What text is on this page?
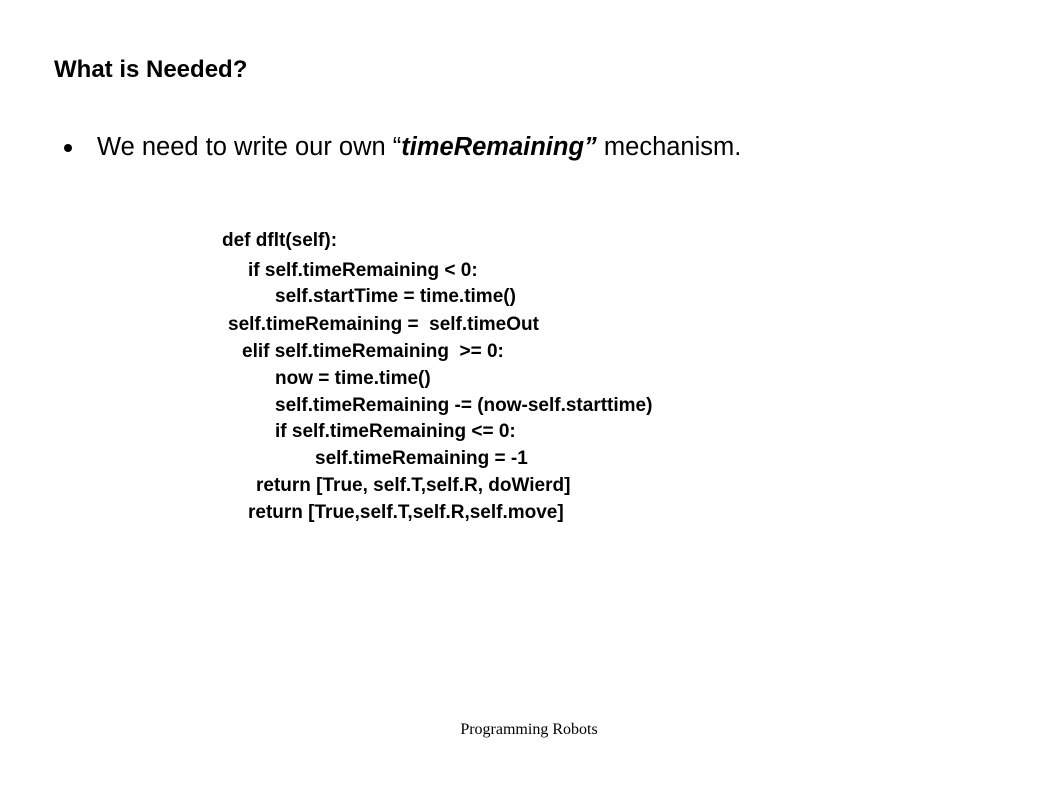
What is Needed?
We need to write our own “timeRemaining” mechanism.
def dflt(self):
if self.timeRemaining < 0:
self.startTime = time.time()
self.timeRemaining =  self.timeOut
elif self.timeRemaining  >= 0:
now = time.time()
self.timeRemaining -= (now-self.starttime)
if self.timeRemaining <= 0:
self.timeRemaining = -1
return [True, self.T,self.R, doWierd]
return [True,self.T,self.R,self.move]
Programming Robots
